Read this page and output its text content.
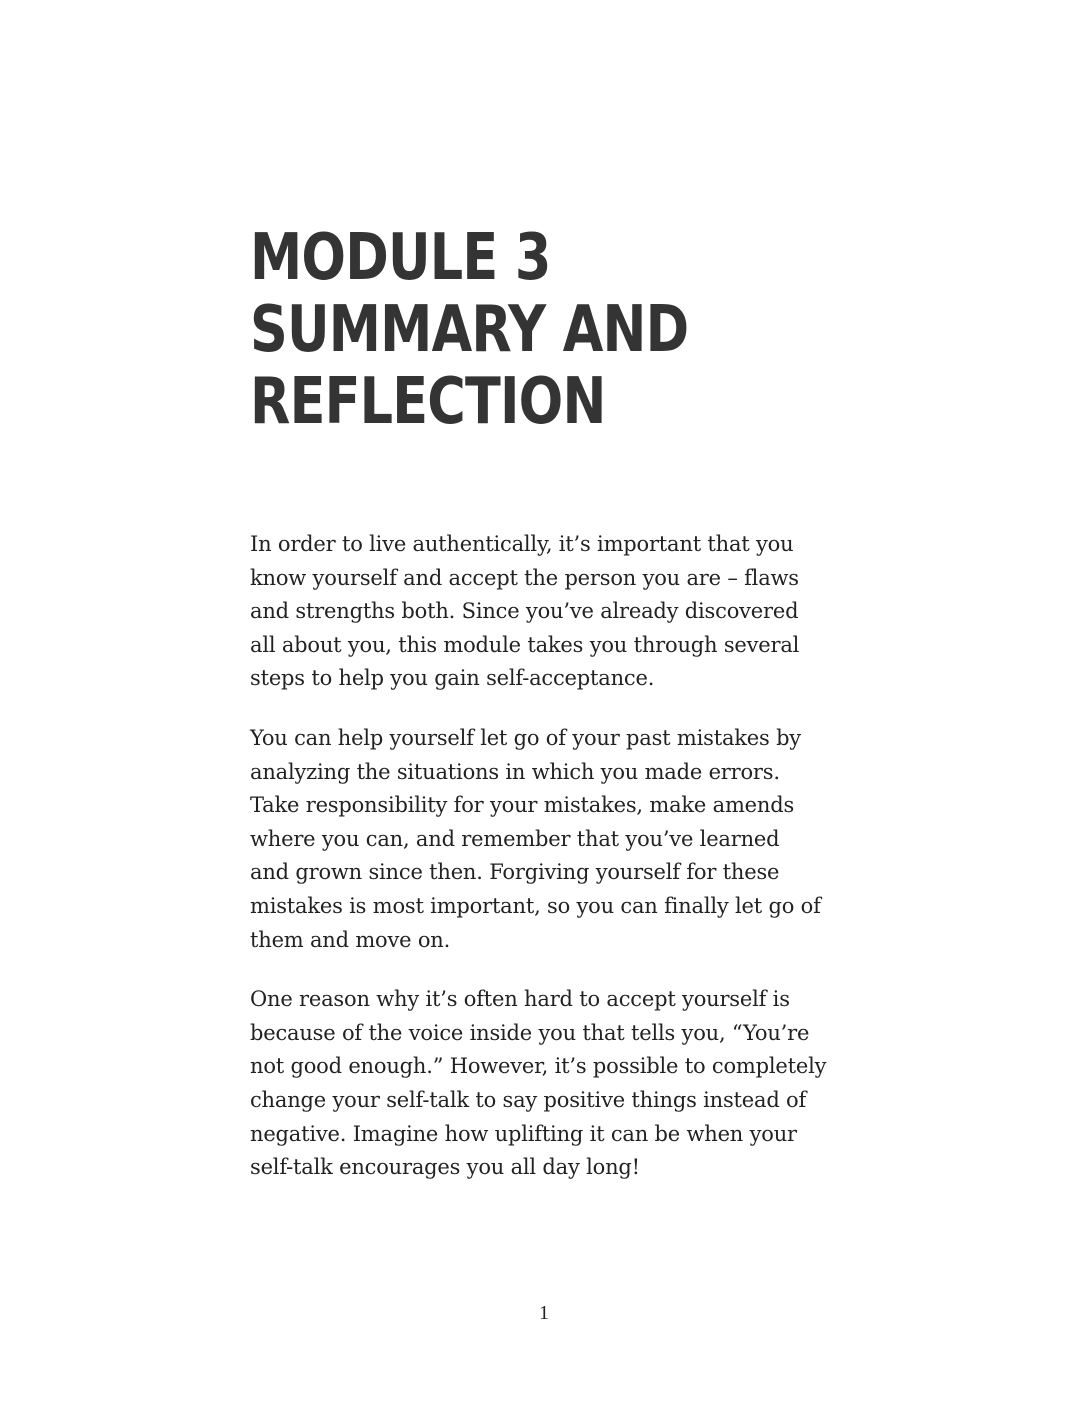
MODULE 3
SUMMARY AND
REFLECTION

In order to live authentically, it’s important that you
know yourself and accept the person you are – flaws
and strengths both. Since you’ve already discovered
all about you, this module takes you through several
steps to help you gain self-acceptance.

You can help yourself let go of your past mistakes by
analyzing the situations in which you made errors.
Take responsibility for your mistakes, make amends
where you can, and remember that you’ve learned
and grown since then. Forgiving yourself for these
mistakes is most important, so you can finally let go of
them and move on.

One reason why it’s often hard to accept yourself is
because of the voice inside you that tells you, “You’re
not good enough.” However, it’s possible to completely
change your self-talk to say positive things instead of
negative. Imagine how uplifting it can be when your
self-talk encourages you all day long!

1
